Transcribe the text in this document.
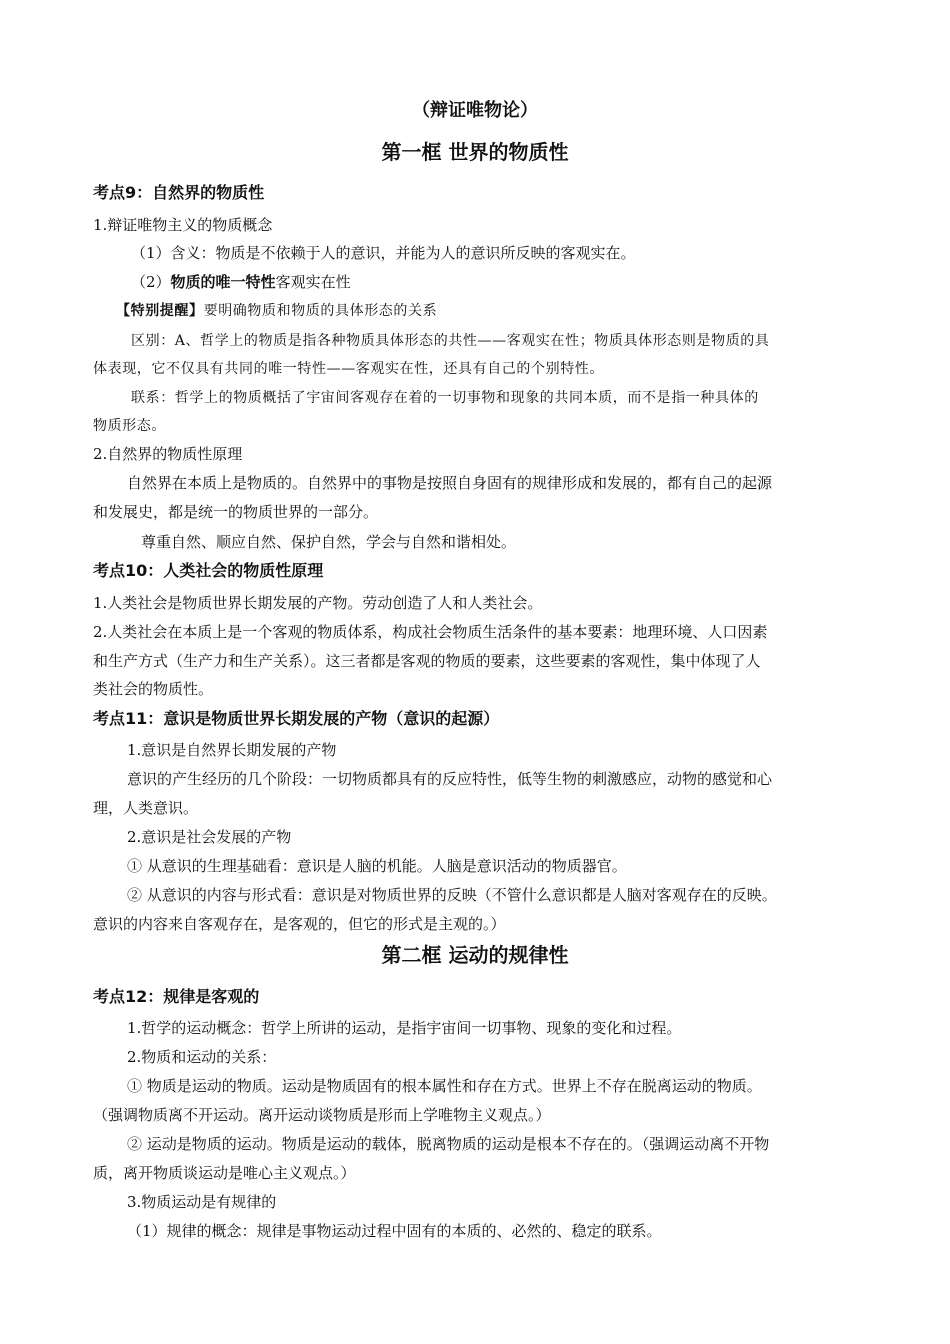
（辩证唯物论）
第一框 世界的物质性
考点9：自然界的物质性
1.辩证唯物主义的物质概念
（1）含义：物质是不依赖于人的意识，并能为人的意识所反映的客观实在。
（2）物质的唯一特性客观实在性
【特别提醒】要明确物质和物质的具体形态的关系
区别：A、哲学上的物质是指各种物质具体形态的共性——客观实在性；物质具体形态则是物质的具
体表现，它不仅具有共同的唯一特性——客观实在性，还具有自己的个别特性。
联系：哲学上的物质概括了宇宙间客观存在着的一切事物和现象的共同本质，而不是指一种具体的
物质形态。
2.自然界的物质性原理
自然界在本质上是物质的。自然界中的事物是按照自身固有的规律形成和发展的，都有自己的起源
和发展史，都是统一的物质世界的一部分。
尊重自然、顺应自然、保护自然，学会与自然和谐相处。
考点10：人类社会的物质性原理
1.人类社会是物质世界长期发展的产物。劳动创造了人和人类社会。
2.人类社会在本质上是一个客观的物质体系，构成社会物质生活条件的基本要素：地理环境、人口因素
和生产方式（生产力和生产关系）。这三者都是客观的物质的要素，这些要素的客观性，集中体现了人
类社会的物质性。
考点11：意识是物质世界长期发展的产物（意识的起源）
1.意识是自然界长期发展的产物
意识的产生经历的几个阶段：一切物质都具有的反应特性，低等生物的刺激感应，动物的感觉和心
理，人类意识。
2.意识是社会发展的产物
① 从意识的生理基础看：意识是人脑的机能。人脑是意识活动的物质器官。
② 从意识的内容与形式看：意识是对物质世界的反映（不管什么意识都是人脑对客观存在的反映。
意识的内容来自客观存在，是客观的，但它的形式是主观的。）
第二框 运动的规律性
考点12：规律是客观的
1.哲学的运动概念：哲学上所讲的运动，是指宇宙间一切事物、现象的变化和过程。
2.物质和运动的关系：
① 物质是运动的物质。运动是物质固有的根本属性和存在方式。世界上不存在脱离运动的物质。
（强调物质离不开运动。离开运动谈物质是形而上学唯物主义观点。）
② 运动是物质的运动。物质是运动的载体，脱离物质的运动是根本不存在的。（强调运动离不开物
质，离开物质谈运动是唯心主义观点。）
3.物质运动是有规律的
（1）规律的概念：规律是事物运动过程中固有的本质的、必然的、稳定的联系。
